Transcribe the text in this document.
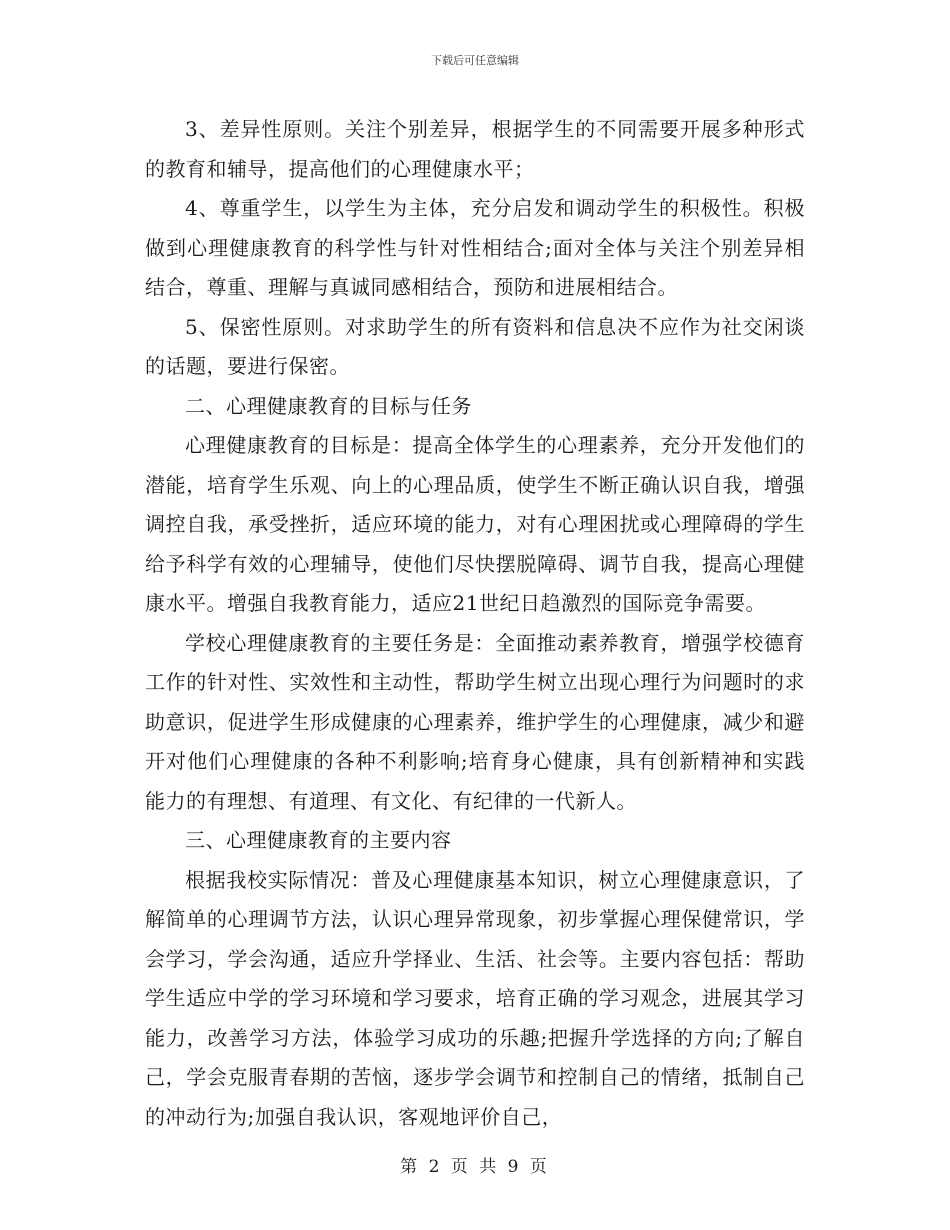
下载后可任意编辑

3、差异性原则。关注个别差异，根据学生的不同需要开展多种形式的教育和辅导，提高他们的心理健康水平；

4、尊重学生，以学生为主体，充分启发和调动学生的积极性。积极做到心理健康教育的科学性与针对性相结合;面对全体与关注个别差异相结合，尊重、理解与真诚同感相结合，预防和进展相结合。

5、保密性原则。对求助学生的所有资料和信息决不应作为社交闲谈的话题，要进行保密。

二、心理健康教育的目标与任务

心理健康教育的目标是：提高全体学生的心理素养，充分开发他们的潜能，培育学生乐观、向上的心理品质，使学生不断正确认识自我，增强调控自我，承受挫折，适应环境的能力，对有心理困扰或心理障碍的学生给予科学有效的心理辅导，使他们尽快摆脱障碍、调节自我，提高心理健康水平。增强自我教育能力，适应21世纪日趋激烈的国际竞争需要。

学校心理健康教育的主要任务是：全面推动素养教育，增强学校德育工作的针对性、实效性和主动性，帮助学生树立出现心理行为问题时的求助意识，促进学生形成健康的心理素养，维护学生的心理健康，减少和避开对他们心理健康的各种不利影响;培育身心健康，具有创新精神和实践能力的有理想、有道理、有文化、有纪律的一代新人。

三、心理健康教育的主要内容

根据我校实际情况：普及心理健康基本知识，树立心理健康意识，了解简单的心理调节方法，认识心理异常现象，初步掌握心理保健常识，学会学习，学会沟通，适应升学择业、生活、社会等。主要内容包括：帮助学生适应中学的学习环境和学习要求，培育正确的学习观念，进展其学习能力，改善学习方法，体验学习成功的乐趣;把握升学选择的方向;了解自己，学会克服青春期的苦恼，逐步学会调节和控制自己的情绪，抵制自己的冲动行为;加强自我认识，客观地评价自己，

第 2 页 共 9 页
